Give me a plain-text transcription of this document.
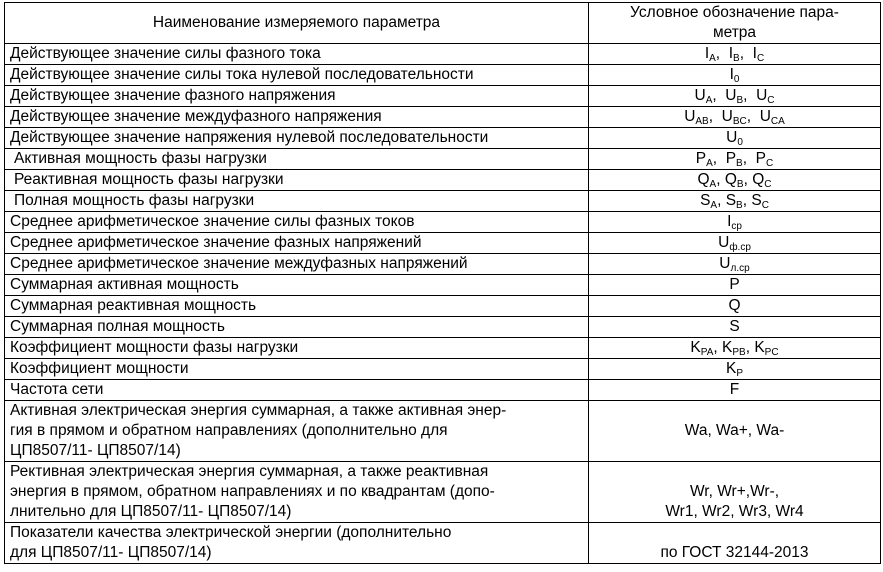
Наименование измеряемого параметра	Условное обозначение пара-
метра
Действующее значение силы фазного тока	$I_A$,  $I_B$,  $I_C$
Действующее значение силы тока нулевой последовательности	$I_0$
Действующее значение фазного напряжения	$U_A$,  $U_B$,  $U_C$
Действующее значение междуфазного напряжения	$U_{AB}$,  $U_{BC}$,  $U_{CA}$
Действующее значение напряжения нулевой последовательности	$U_0$
Активная мощность фазы нагрузки	$P_A$,  $P_B$,  $P_C$
Реактивная мощность фазы нагрузки	$Q_A$, $Q_B$, $Q_C$
Полная мощность фазы нагрузки	$S_A$, $S_B$, $S_C$
Среднее арифметическое значение силы фазных токов	$I_{ср}$
Среднее арифметическое значение фазных напряжений	$U_{ф.ср}$
Среднее арифметическое значение междуфазных напряжений	$U_{л.ср}$
Суммарная активная мощность	P
Суммарная реактивная мощность	Q
Суммарная полная мощность	S
Коэффициент мощности фазы нагрузки	$K_{PA}$, $K_{PB}$, $K_{PC}$
Коэффициент мощности	$K_P$
Частота сети	F

Активная электрическая энергия суммарная, а также активная энер-
гия в прямом и обратном направлениях (дополнительно для
ЦП8507/11- ЦП8507/14)	Wa, Wa+, Wa-

Рективная электрическая энергия суммарная, а также реактивная
энергия в прямом, обратном направлениях и по квадрантам (допо-
лнительно для ЦП8507/11- ЦП8507/14)	Wr, Wr+,Wr-,
Wr1, Wr2, Wr3, Wr4

Показатели качества электрической энергии (дополнительно
для ЦП8507/11- ЦП8507/14)	по ГОСТ 32144-2013
